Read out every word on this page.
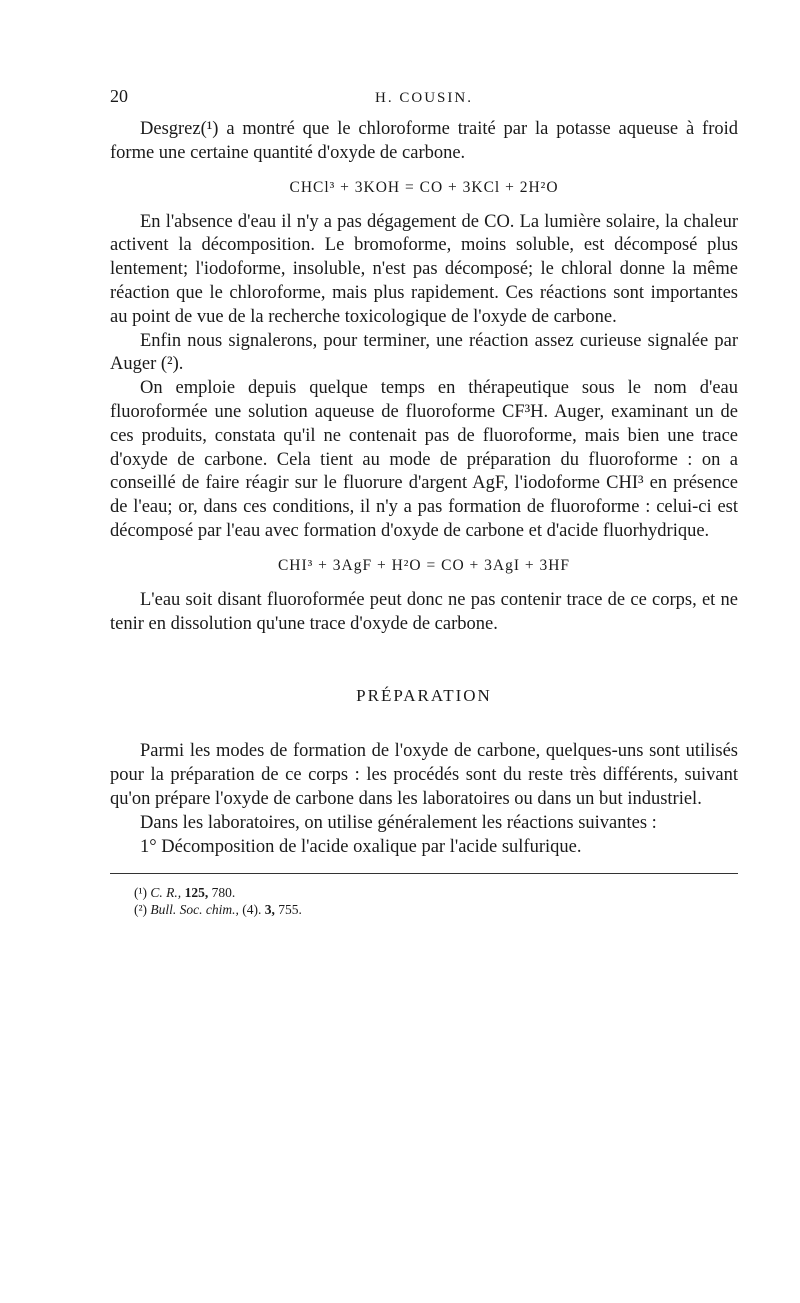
20	H. COUSIN.

Desgrez(¹) a montré que le chloroforme traité par la potasse aqueuse à froid forme une certaine quantité d'oxyde de carbone.

CHCl³ + 3KOH = CO + 3KCl + 2H²O

En l'absence d'eau il n'y a pas dégagement de CO. La lumière solaire, la chaleur activent la décomposition. Le bromoforme, moins soluble, est décomposé plus lentement; l'iodoforme, insoluble, n'est pas décomposé; le chloral donne la même réaction que le chloroforme, mais plus rapidement. Ces réactions sont importantes au point de vue de la recherche toxicologique de l'oxyde de carbone.

Enfin nous signalerons, pour terminer, une réaction assez curieuse signalée par Auger (²).

On emploie depuis quelque temps en thérapeutique sous le nom d'eau fluoroformée une solution aqueuse de fluoroforme CF³H. Auger, examinant un de ces produits, constata qu'il ne contenait pas de fluoroforme, mais bien une trace d'oxyde de carbone. Cela tient au mode de préparation du fluoroforme : on a conseillé de faire réagir sur le fluorure d'argent AgF, l'iodoforme CHI³ en présence de l'eau; or, dans ces conditions, il n'y a pas formation de fluoroforme : celui-ci est décomposé par l'eau avec formation d'oxyde de carbone et d'acide fluorhydrique.

CHI³ + 3AgF + H²O = CO + 3AgI + 3HF

L'eau soit disant fluoroformée peut donc ne pas contenir trace de ce corps, et ne tenir en dissolution qu'une trace d'oxyde de carbone.

PRÉPARATION

Parmi les modes de formation de l'oxyde de carbone, quelques-uns sont utilisés pour la préparation de ce corps : les procédés sont du reste très différents, suivant qu'on prépare l'oxyde de carbone dans les laboratoires ou dans un but industriel.

Dans les laboratoires, on utilise généralement les réactions suivantes :

1° Décomposition de l'acide oxalique par l'acide sulfurique.

(¹) C. R., 125, 780.

(²) Bull. Soc. chim., (4). 3, 755.
